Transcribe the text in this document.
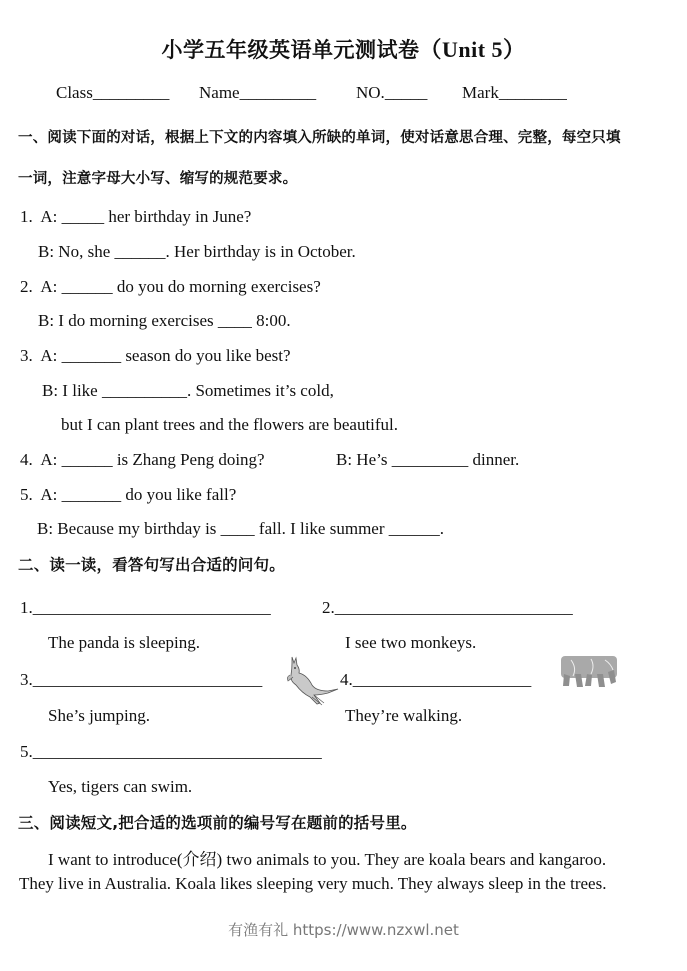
小学五年级英语单元测试卷（Unit 5）
Class_________ Name_________ NO._____ Mark________
一、阅读下面的对话，根据上下文的内容填入所缺的单词，使对话意思合理、完整，每空只填
一词，注意字母大小写、缩写的规范要求。
1. A: _____ her birthday in June?
B: No, she ______. Her birthday is in October.
2. A: ______ do you do morning exercises?
B: I do morning exercises ____ 8:00.
3. A: _______ season do you like best?
B: I like __________. Sometimes it’s cold,
but I can plant trees and the flowers are beautiful.
4. A: ______ is Zhang Peng doing?	B: He’s _________ dinner.
5. A: _______ do you like fall?
B: Because my birthday is ____ fall. I like summer ______.
二、读一读，看答句写出合适的问句。
1.____________________________
The panda is sleeping.
2.____________________________
I see two monkeys.
3.___________________________
She’s jumping.
4._____________________
They’re walking.
5.__________________________________
Yes, tigers can swim.
三、阅读短文,把合适的选项前的编号写在题前的括号里。
I want to introduce(介绍) two animals to you. They are koala bears and kangaroo.
They live in Australia. Koala likes sleeping very much. They always sleep in the trees.
有渔有礼 https://www.nzxwl.net
